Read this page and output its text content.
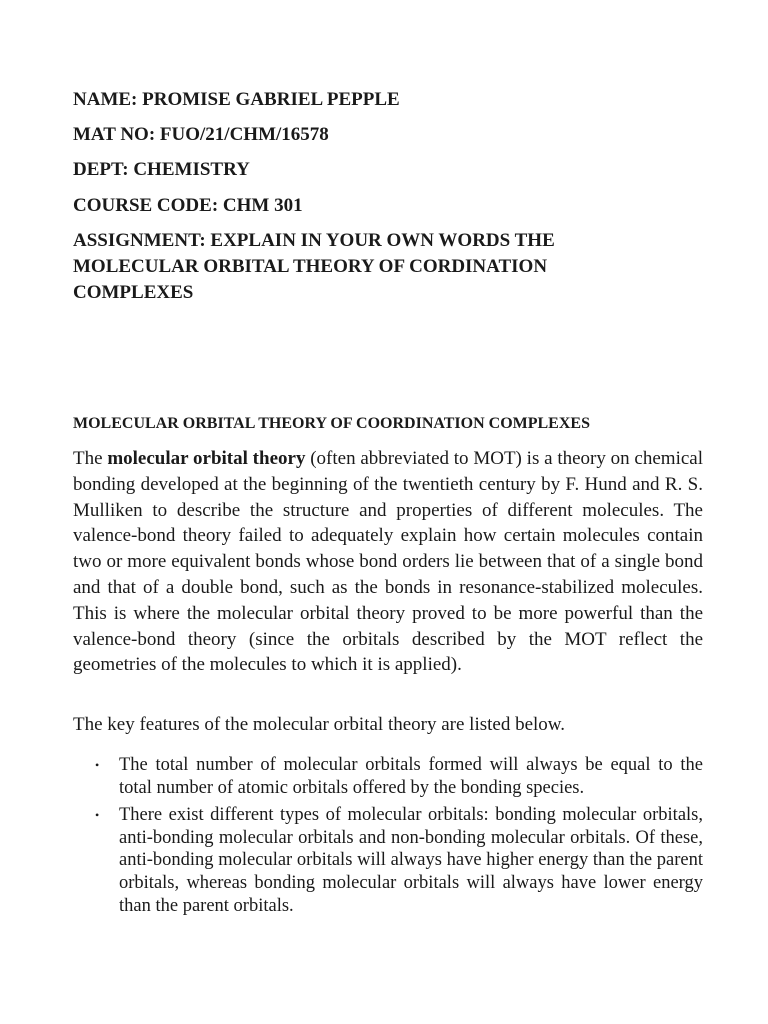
NAME: PROMISE GABRIEL PEPPLE

MAT NO: FUO/21/CHM/16578

DEPT: CHEMISTRY

COURSE CODE: CHM 301

ASSIGNMENT: EXPLAIN IN YOUR OWN WORDS THE MOLECULAR ORBITAL THEORY OF CORDINATION COMPLEXES

MOLECULAR ORBITAL THEORY OF COORDINATION COMPLEXES

The molecular orbital theory (often abbreviated to MOT) is a theory on chemical bonding developed at the beginning of the twentieth century by F. Hund and R. S. Mulliken to describe the structure and properties of different molecules. The valence-bond theory failed to adequately explain how certain molecules contain two or more equivalent bonds whose bond orders lie between that of a single bond and that of a double bond, such as the bonds in resonance-stabilized molecules. This is where the molecular orbital theory proved to be more powerful than the valence-bond theory (since the orbitals described by the MOT reflect the geometries of the molecules to which it is applied).

The key features of the molecular orbital theory are listed below.

• The total number of molecular orbitals formed will always be equal to the total number of atomic orbitals offered by the bonding species.
• There exist different types of molecular orbitals: bonding molecular orbitals, anti-bonding molecular orbitals and non-bonding molecular orbitals. Of these, anti-bonding molecular orbitals will always have higher energy than the parent orbitals, whereas bonding molecular orbitals will always have lower energy than the parent orbitals.
